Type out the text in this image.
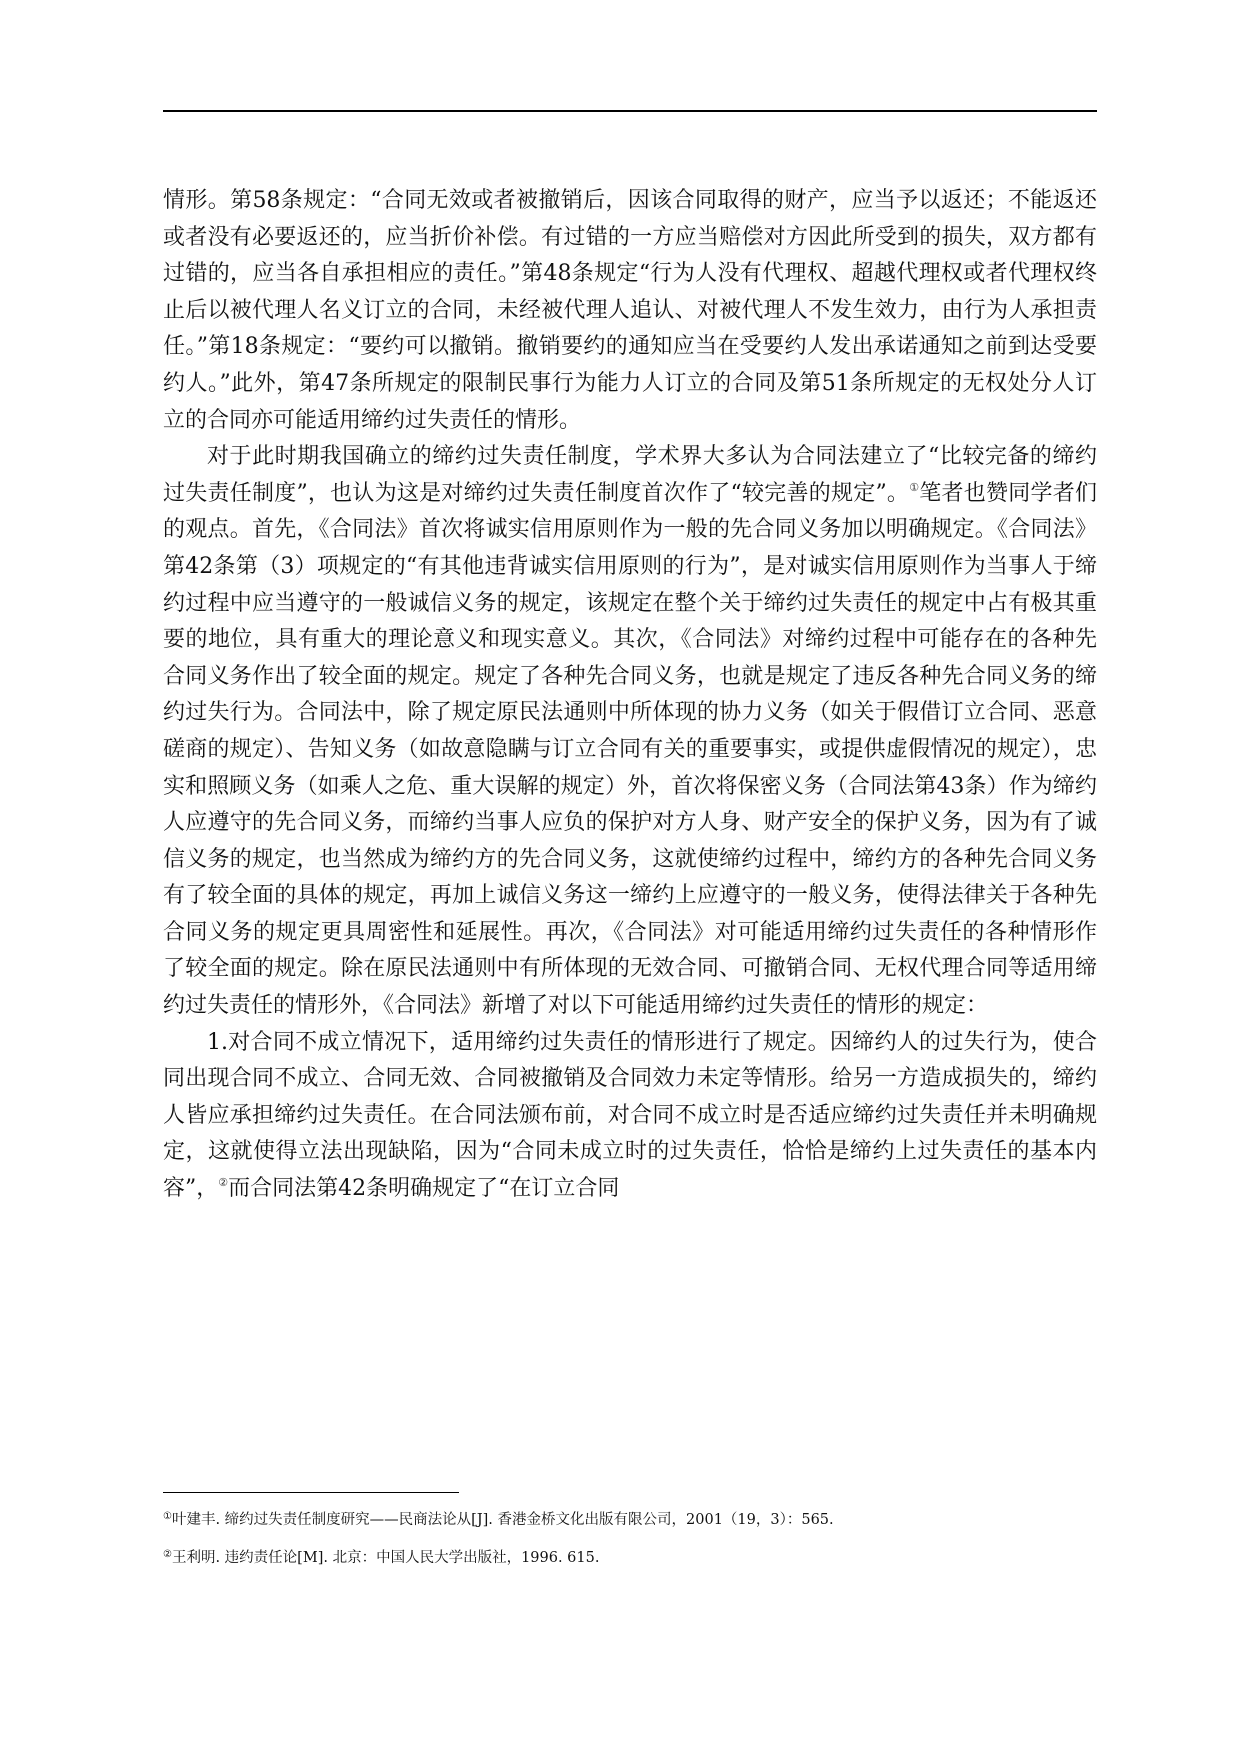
情形。第58条规定：“合同无效或者被撤销后，因该合同取得的财产，应当予以返还；不能返还或者没有必要返还的，应当折价补偿。有过错的一方应当赔偿对方因此所受到的损失，双方都有过错的，应当各自承担相应的责任。”第48条规定“行为人没有代理权、超越代理权或者代理权终止后以被代理人名义订立的合同，未经被代理人追认、对被代理人不发生效力，由行为人承担责任。”第18条规定：“要约可以撤销。撤销要约的通知应当在受要约人发出承诺通知之前到达受要约人。”此外，第47条所规定的限制民事行为能力人订立的合同及第51条所规定的无权处分人订立的合同亦可能适用缔约过失责任的情形。

对于此时期我国确立的缔约过失责任制度，学术界大多认为合同法建立了“比较完备的缔约过失责任制度”，也认为这是对缔约过失责任制度首次作了“较完善的规定”。①笔者也赞同学者们的观点。首先，《合同法》首次将诚实信用原则作为一般的先合同义务加以明确规定。《合同法》第42条第（3）项规定的“有其他违背诚实信用原则的行为”，是对诚实信用原则作为当事人于缔约过程中应当遵守的一般诚信义务的规定，该规定在整个关于缔约过失责任的规定中占有极其重要的地位，具有重大的理论意义和现实意义。其次，《合同法》对缔约过程中可能存在的各种先合同义务作出了较全面的规定。规定了各种先合同义务，也就是规定了违反各种先合同义务的缔约过失行为。合同法中，除了规定原民法通则中所体现的协力义务（如关于假借订立合同、恶意磋商的规定）、告知义务（如故意隐瞒与订立合同有关的重要事实，或提供虚假情况的规定），忠实和照顾义务（如乘人之危、重大误解的规定）外，首次将保密义务（合同法第43条）作为缔约人应遵守的先合同义务，而缔约当事人应负的保护对方人身、财产安全的保护义务，因为有了诚信义务的规定，也当然成为缔约方的先合同义务，这就使缔约过程中，缔约方的各种先合同义务有了较全面的具体的规定，再加上诚信义务这一缔约上应遵守的一般义务，使得法律关于各种先合同义务的规定更具周密性和延展性。再次，《合同法》对可能适用缔约过失责任的各种情形作了较全面的规定。除在原民法通则中有所体现的无效合同、可撤销合同、无权代理合同等适用缔约过失责任的情形外，《合同法》新增了对以下可能适用缔约过失责任的情形的规定：

1.对合同不成立情况下，适用缔约过失责任的情形进行了规定。因缔约人的过失行为，使合同出现合同不成立、合同无效、合同被撤销及合同效力未定等情形。给另一方造成损失的，缔约人皆应承担缔约过失责任。在合同法颁布前，对合同不成立时是否适应缔约过失责任并未明确规定，这就使得立法出现缺陷，因为“合同未成立时的过失责任，恰恰是缔约上过失责任的基本内容”，②而合同法第42条明确规定了“在订立合同

①叶建丰. 缔约过失责任制度研究——民商法论从[J]. 香港金桥文化出版有限公司，2001（19，3）：565.

②王利明. 违约责任论[M]. 北京：中国人民大学出版社，1996. 615.
